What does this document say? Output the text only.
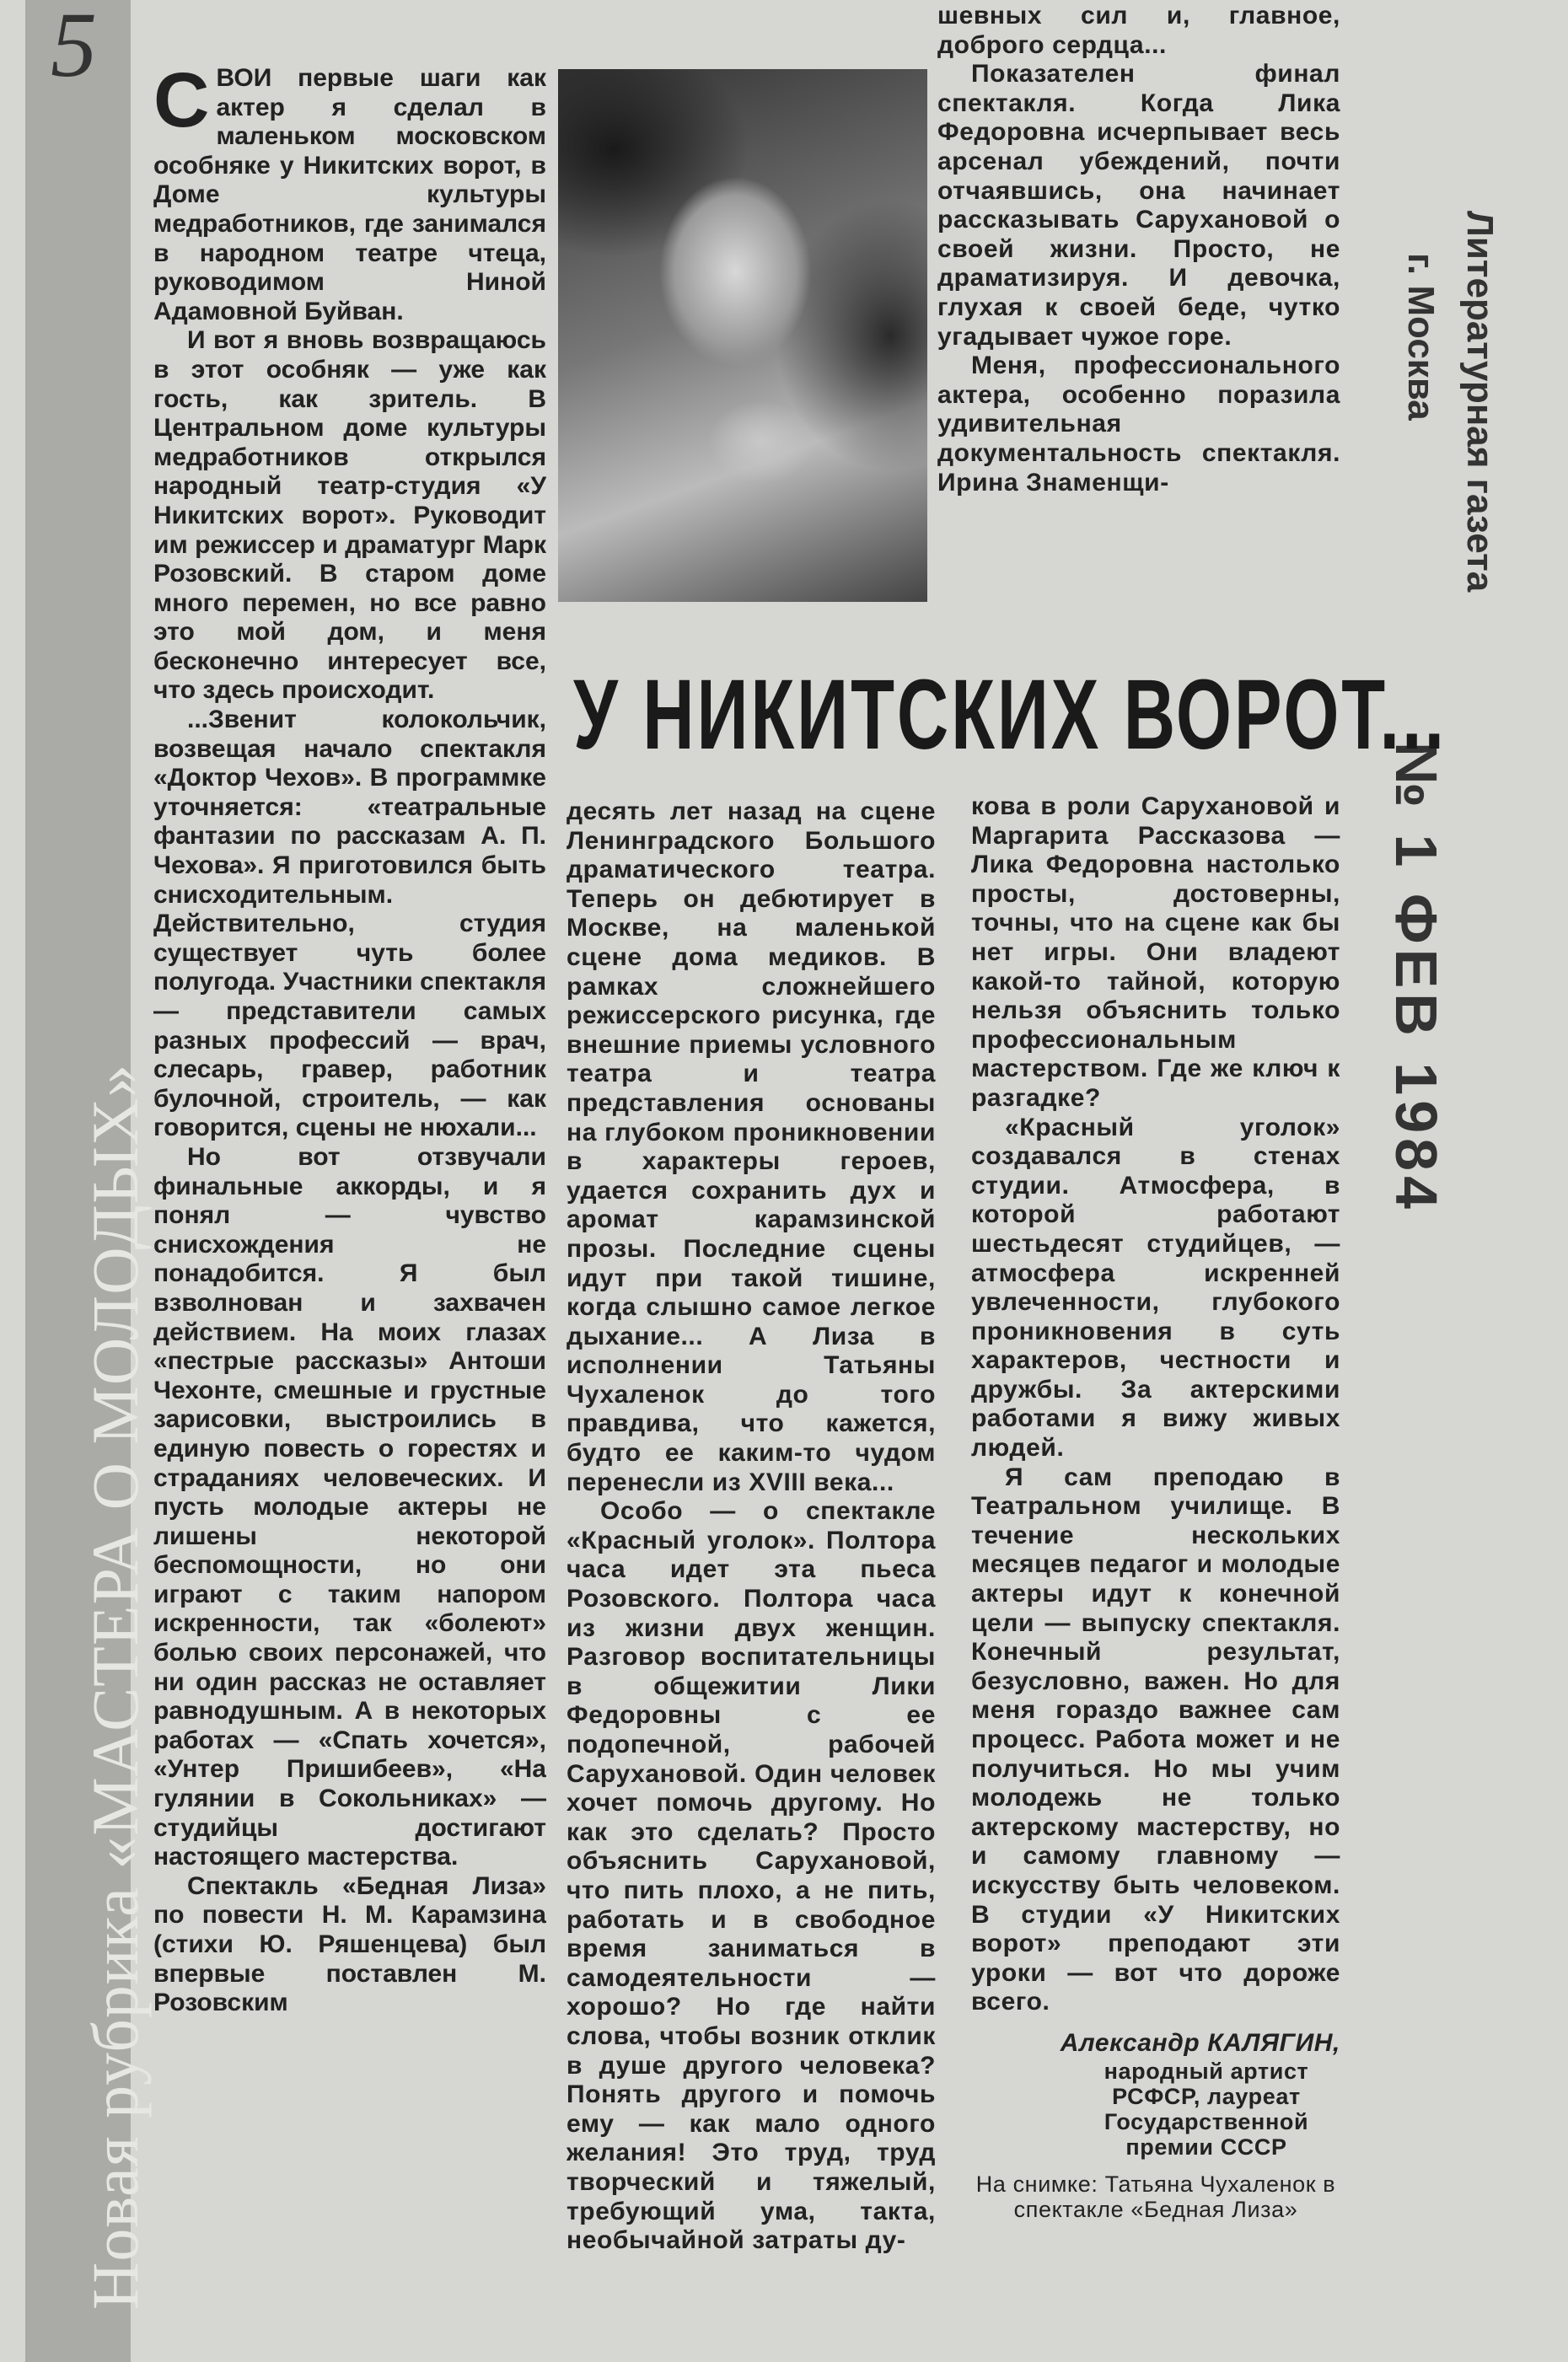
Новая рубрика «МАСТЕРА О МОЛОДЫХ»
5

СВОИ первые шаги как актер я сделал в маленьком московском особняке у Никитских ворот, в Доме культуры медработников, где занимался в народном театре чтеца, руководимом Ниной Адамовной Буйван.

И вот я вновь возвращаюсь в этот особняк — уже как гость, как зритель. В Центральном доме культуры медработников открылся народный театр-студия «У Никитских ворот». Руководит им режиссер и драматург Марк Розовский. В старом доме много перемен, но все равно это мой дом, и меня бесконечно интересует все, что здесь происходит.

...Звенит колокольчик, возвещая начало спектакля «Доктор Чехов». В программке уточняется: «театральные фантазии по рассказам А. П. Чехова». Я приготовился быть снисходительным. Действительно, студия существует чуть более полугода. Участники спектакля — представители самых разных профессий — врач, слесарь, гравер, работник булочной, строитель, — как говорится, сцены не нюхали...

Но вот отзвучали финальные аккорды, и я понял — чувство снисхождения не понадобится. Я был взволнован и захвачен действием. На моих глазах «пестрые рассказы» Антоши Чехонте, смешные и грустные зарисовки, выстроились в единую повесть о горестях и страданиях человеческих. И пусть молодые актеры не лишены некоторой беспомощности, но они играют с таким напором искренности, так «болеют» болью своих персонажей, что ни один рассказ не оставляет равнодушным. А в некоторых работах — «Спать хочется», «Унтер Пришибеев», «На гулянии в Сокольниках» — студийцы достигают настоящего мастерства.

Спектакль «Бедная Лиза» по повести Н. М. Карамзина (стихи Ю. Ряшенцева) был впервые поставлен М. Розовским

шевных сил и, главное, доброго сердца...

Показателен финал спектакля. Когда Лика Федоровна исчерпывает весь арсенал убеждений, почти отчаявшись, она начинает рассказывать Сарухановой о своей жизни. Просто, не драматизируя. И девочка, глухая к своей беде, чутко угадывает чужое горе.

Меня, профессионального актера, особенно поразила удивительная документальность спектакля. Ирина Знаменщи-	Литературная газета
г. Москва
№ 1 ФЕВ 1984
У НИКИТСКИХ ВОРОТ...

десять лет назад на сцене Ленинградского Большого драматического театра. Теперь он дебютирует в Москве, на маленькой сцене дома медиков. В рамках сложнейшего режиссерского рисунка, где внешние приемы условного театра и театра представления основаны на глубоком проникновении в характеры героев, удается сохранить дух и аромат карамзинской прозы. Последние сцены идут при такой тишине, когда слышно самое легкое дыхание... А Лиза в исполнении Татьяны Чухаленок до того правдива, что кажется, будто ее каким-то чудом перенесли из XVIII века...

Особо — о спектакле «Красный уголок». Полтора часа идет эта пьеса Розовского. Полтора часа из жизни двух женщин. Разговор воспитательницы в общежитии Лики Федоровны с ее подопечной, рабочей Сарухановой. Один человек хочет помочь другому. Но как это сделать? Просто объяснить Сарухановой, что пить плохо, а не пить, работать и в свободное время заниматься в самодеятельности — хорошо? Но где найти слова, чтобы возник отклик в душе другого человека? Понять другого и помочь ему — как мало одного желания! Это труд, труд творческий и тяжелый, требующий ума, такта, необычайной затраты ду-

кова в роли Сарухановой и Маргарита Рассказова — Лика Федоровна настолько просты, достоверны, точны, что на сцене как бы нет игры. Они владеют какой-то тайной, которую нельзя объяснить только профессиональным мастерством. Где же ключ к разгадке?

«Красный уголок» создавался в стенах студии. Атмосфера, в которой работают шестьдесят студийцев, — атмосфера искренней увлеченности, глубокого проникновения в суть характеров, честности и дружбы. За актерскими работами я вижу живых людей.

Я сам преподаю в Театральном училище. В течение нескольких месяцев педагог и молодые актеры идут к конечной цели — выпуску спектакля. Конечный результат, безусловно, важен. Но для меня гораздо важнее сам процесс. Работа может и не получиться. Но мы учим молодежь не только актерскому мастерству, но и самому главному — искусству быть человеком. В студии «У Никитских ворот» преподают эти уроки — вот что дороже всего.

Александр КАЛЯГИН,
народный артист РСФСР, лауреат Государственной премии СССР
На снимке: Татьяна Чухаленок в спектакле «Бедная Лиза»
